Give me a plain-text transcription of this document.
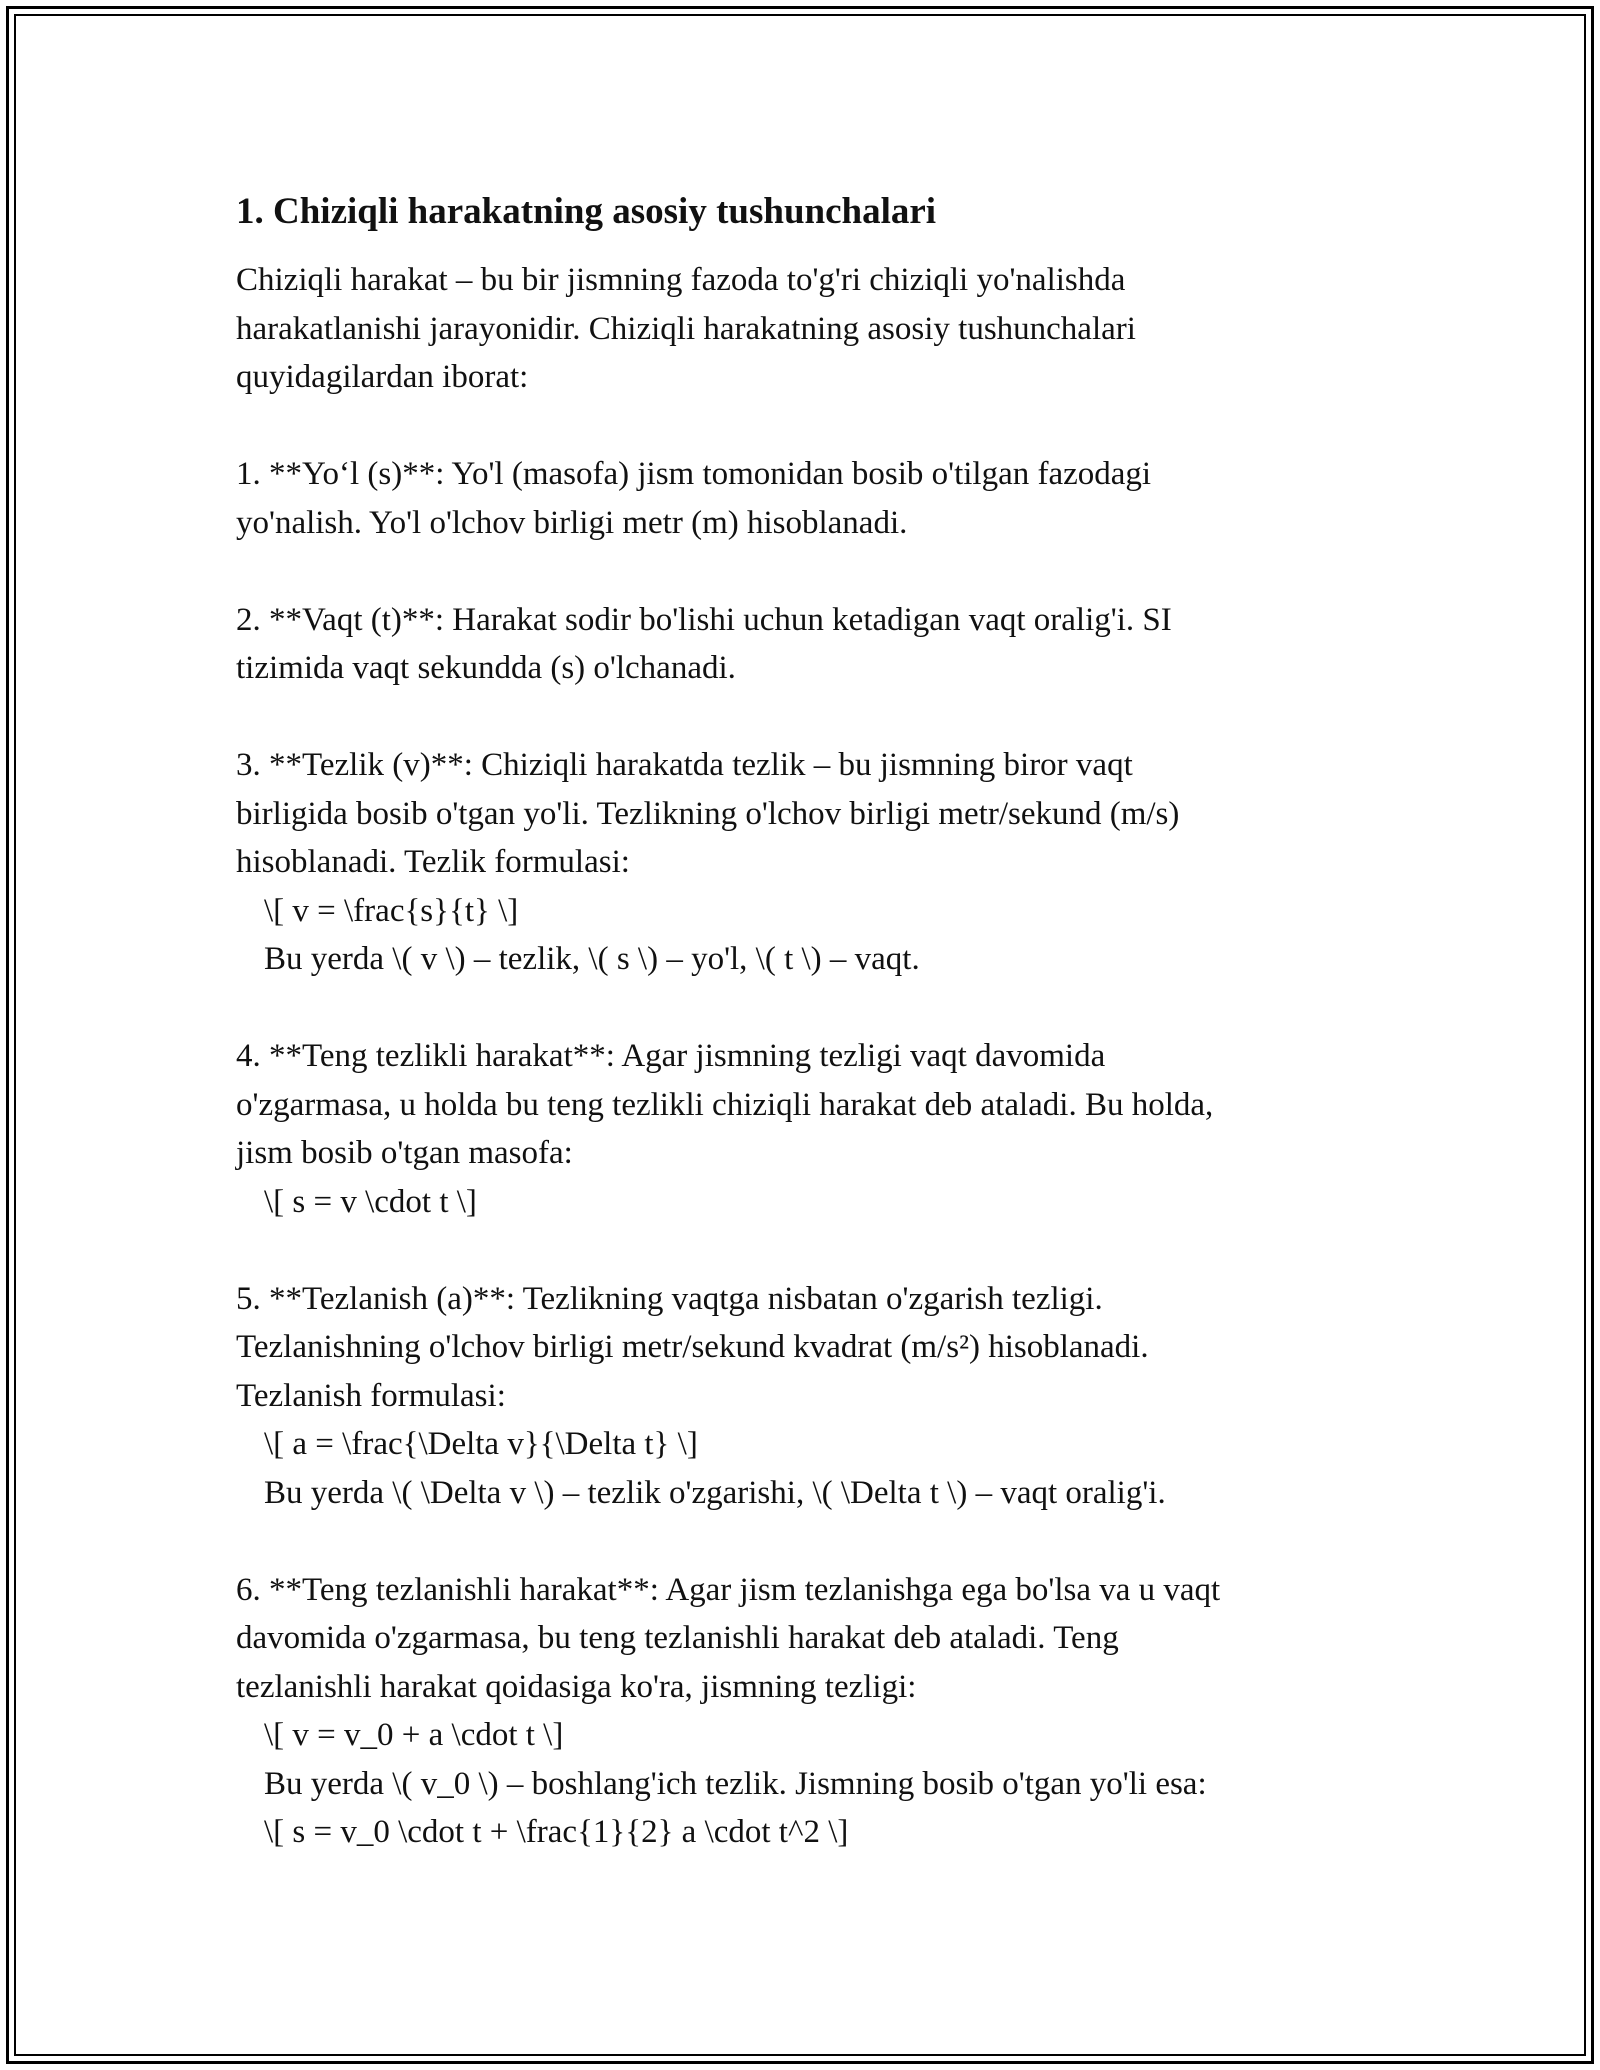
1. Chiziqli harakatning asosiy tushunchalari
Chiziqli harakat – bu bir jismning fazoda to'g'ri chiziqli yo'nalishda
harakatlanishi jarayonidir. Chiziqli harakatning asosiy tushunchalari
quyidagilardan iborat:
1. **Yo‘l (s)**: Yo'l (masofa) jism tomonidan bosib o'tilgan fazodagi
yo'nalish. Yo'l o'lchov birligi metr (m) hisoblanadi.
2. **Vaqt (t)**: Harakat sodir bo'lishi uchun ketadigan vaqt oralig'i. SI
tizimida vaqt sekundda (s) o'lchanadi.
3. **Tezlik (v)**: Chiziqli harakatda tezlik – bu jismning biror vaqt
birligida bosib o'tgan yo'li. Tezlikning o'lchov birligi metr/sekund (m/s)
hisoblanadi. Tezlik formulasi:
\[ v = \frac{s}{t} \]
Bu yerda \( v \) – tezlik, \( s \) – yo'l, \( t \) – vaqt.
4. **Teng tezlikli harakat**: Agar jismning tezligi vaqt davomida
o'zgarmasa, u holda bu teng tezlikli chiziqli harakat deb ataladi. Bu holda,
jism bosib o'tgan masofa:
\[ s = v \cdot t \]
5. **Tezlanish (a)**: Tezlikning vaqtga nisbatan o'zgarish tezligi.
Tezlanishning o'lchov birligi metr/sekund kvadrat (m/s²) hisoblanadi.
Tezlanish formulasi:
\[ a = \frac{\Delta v}{\Delta t} \]
Bu yerda \( \Delta v \) – tezlik o'zgarishi, \( \Delta t \) – vaqt oralig'i.
6. **Teng tezlanishli harakat**: Agar jism tezlanishga ega bo'lsa va u vaqt
davomida o'zgarmasa, bu teng tezlanishli harakat deb ataladi. Teng
tezlanishli harakat qoidasiga ko'ra, jismning tezligi:
\[ v = v_0 + a \cdot t \]
Bu yerda \( v_0 \) – boshlang'ich tezlik. Jismning bosib o'tgan yo'li esa:
\[ s = v_0 \cdot t + \frac{1}{2} a \cdot t^2 \]
